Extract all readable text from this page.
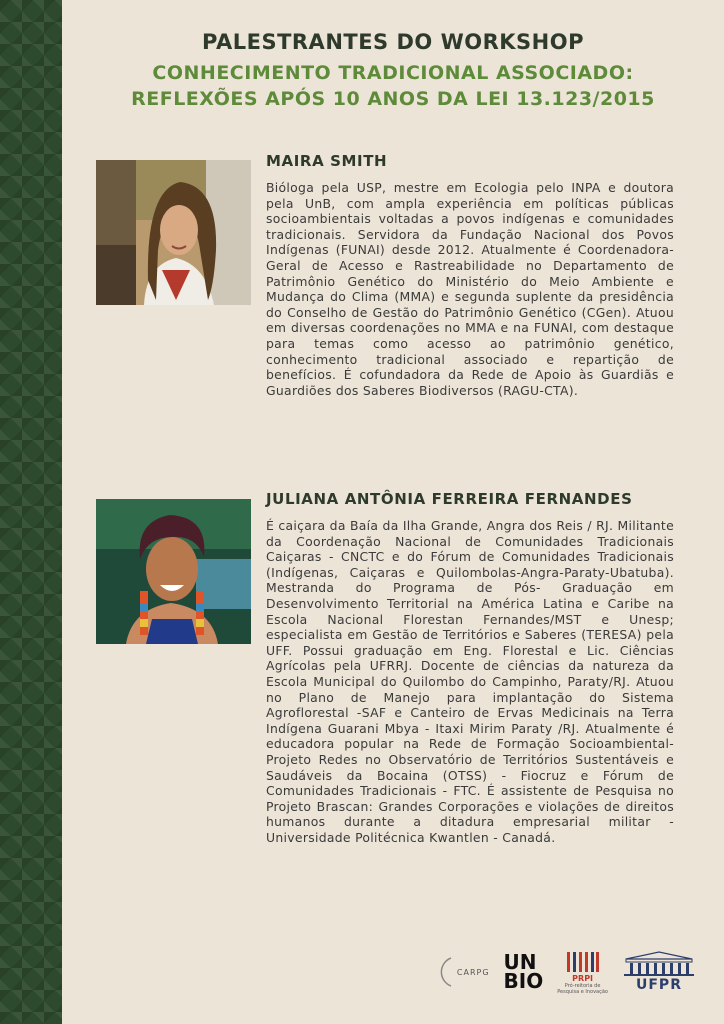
PALESTRANTES DO WORKSHOP
CONHECIMENTO TRADICIONAL ASSOCIADO:
REFLEXÕES APÓS 10 ANOS DA LEI 13.123/2015
MAIRA SMITH

Bióloga pela USP, mestre em Ecologia pelo INPA e doutora pela UnB, com ampla experiência em políticas públicas socioambientais voltadas a povos indígenas e comunidades tradicionais. Servidora da Fundação Nacional dos Povos Indígenas (FUNAI) desde 2012. Atualmente é Coordenadora-Geral de Acesso e Rastreabilidade no Departamento de Patrimônio Genético do Ministério do Meio Ambiente e Mudança do Clima (MMA) e segunda suplente da presidência do Conselho de Gestão do Patrimônio Genético (CGen). Atuou em diversas coordenações no MMA e na FUNAI, com destaque para temas como acesso ao patrimônio genético, conhecimento tradicional associado e repartição de benefícios. É cofundadora da Rede de Apoio às Guardiãs e Guardiões dos Saberes Biodiversos (RAGU-CTA).

JULIANA ANTÔNIA FERREIRA FERNANDES

É caiçara da Baía da Ilha Grande, Angra dos Reis / RJ. Militante da Coordenação Nacional de Comunidades Tradicionais Caiçaras - CNCTC e do Fórum de Comunidades Tradicionais (Indígenas, Caiçaras e Quilombolas-Angra-Paraty-Ubatuba). Mestranda do Programa de Pós- Graduação em Desenvolvimento Territorial na América Latina e Caribe na Escola Nacional Florestan Fernandes/MST e Unesp; especialista em Gestão de Territórios e Saberes (TERESA) pela UFF. Possui graduação em Eng. Florestal e Lic. Ciências Agrícolas pela UFRRJ. Docente de ciências da natureza da Escola Municipal do Quilombo do Campinho, Paraty/RJ. Atuou no Plano de Manejo para implantação do Sistema Agroflorestal -SAF e Canteiro de Ervas Medicinais na Terra Indígena Guarani Mbya - Itaxi Mirim Paraty /RJ. Atualmente é educadora popular na Rede de Formação Socioambiental- Projeto Redes no Observatório de Territórios Sustentáveis e Saudáveis da Bocaina (OTSS) - Fiocruz e Fórum de Comunidades Tradicionais - FTC. É assistente de Pesquisa no Projeto Brascan: Grandes Corporações e violações de direitos humanos durante a ditadura empresarial militar - Universidade Politécnica Kwantlen - Canadá.

CARPG UN
BIO	PRPI
Pró-reitoria de
Pesquisa e Inovação UFPR
